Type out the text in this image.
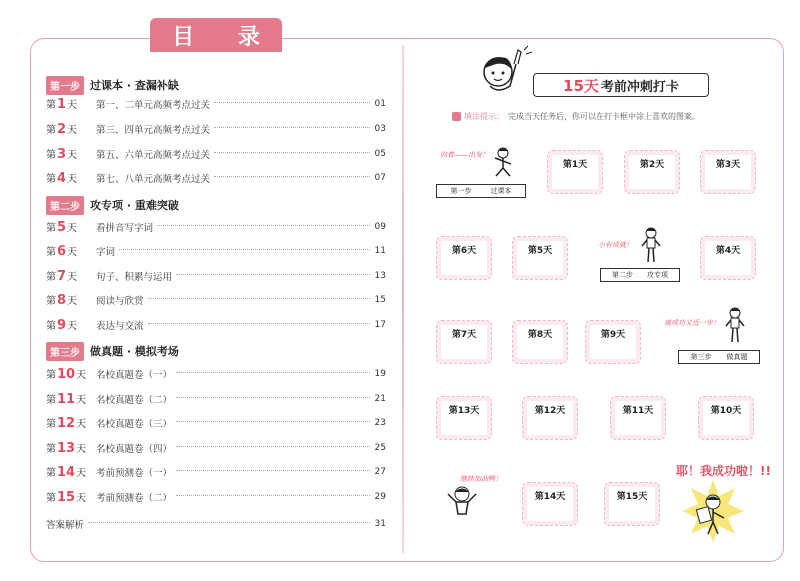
目 录
第一步 过课本 · 查漏补缺
第1天	第一、二单元高频考点过关	01
第2天	第三、四单元高频考点过关	03
第3天	第五、六单元高频考点过关	05
第4天	第七、八单元高频考点过关	07
第二步 攻专项 · 重难突破
第5天	看拼音写字词	09
第6天	字词	11
第7天	句子、积累与运用	13
第8天	阅读与欣赏	15
第9天	表达与交流	17
第三步 做真题 · 模拟考场
第10天 名校真题卷（一）	19
第11天 名校真题卷（二）	21
第12天 名校真题卷（三）	23
第13天 名校真题卷（四）	25
第14天 考前预测卷（一）	27
第15天 考前预测卷（二）	29
答案解析	31
15天 考前冲刺打卡
填涂提示： 完成当天任务后，你可以在打卡框中涂上喜欢的图案。
向着——出发！
第一步	过课本
第1天	第2天	第3天
第6天	第5天
小有成就！
第二步 攻专项
第4天
第7天	第8天	第9天
离成功又近一步！
第三步 做真题
第13天	第12天	第11天	第10天
继续加油鸭！
第14天	第15天
耶！我成功啦！!!
